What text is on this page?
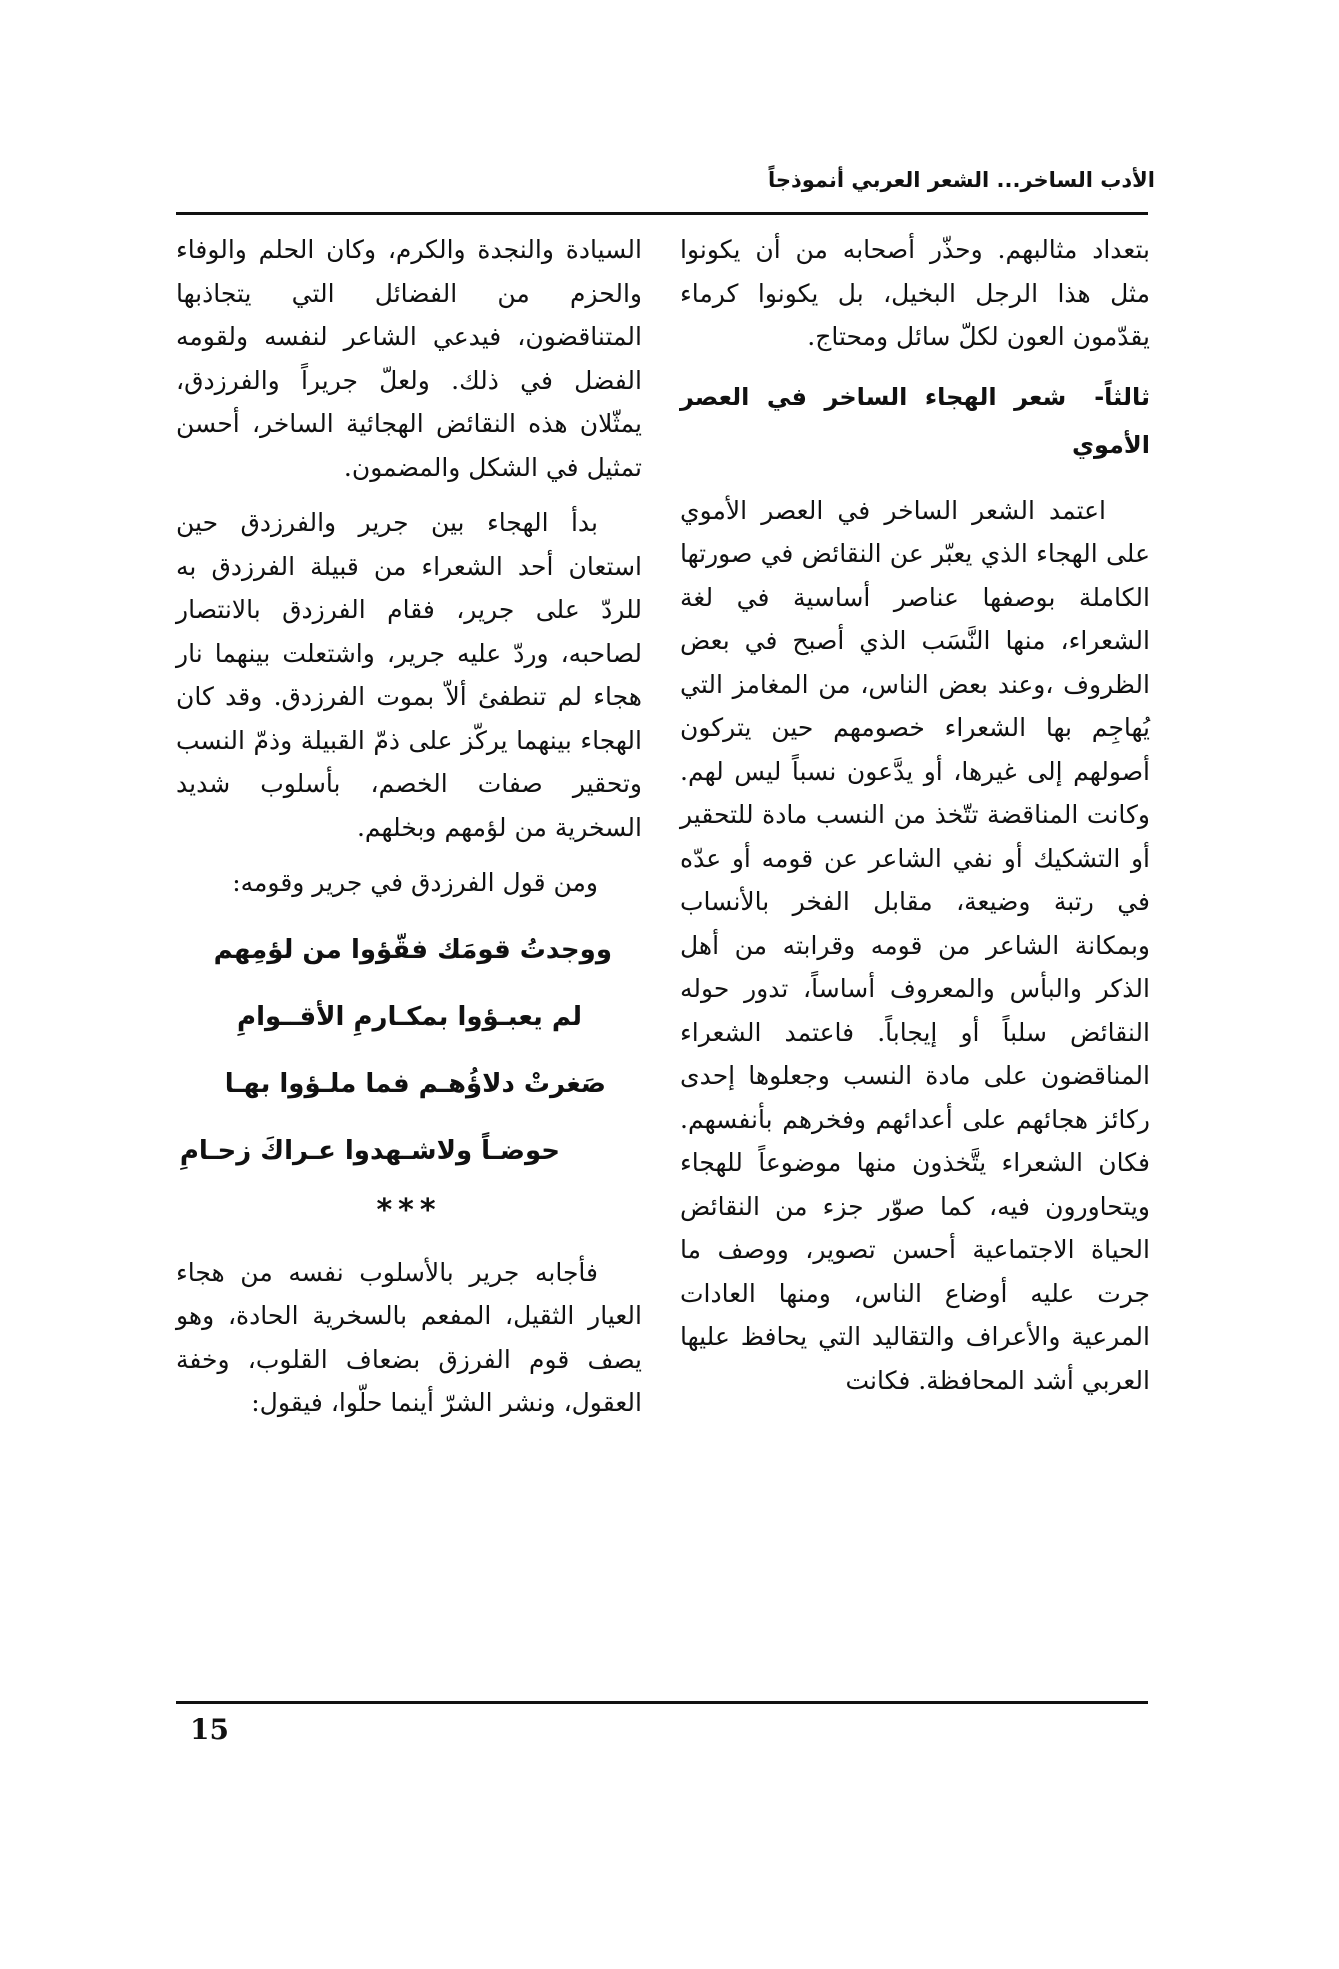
الأدب الساخر... الشعر العربي أنموذجاً

بتعداد مثالبهم. وحذّر أصحابه من أن يكونوا مثل هذا الرجل البخيل، بل يكونوا كرماء يقدّمون العون لكلّ سائل ومحتاج.

ثالثاً-شعر الهجاء الساخر في العصر الأموي

اعتمد الشعر الساخر في العصر الأموي على الهجاء الذي يعبّر عن النقائض في صورتها الكاملة بوصفها عناصر أساسية في لغة الشعراء، منها النَّسَب الذي أصبح في بعض الظروف ،وعند بعض الناس، من المغامز التي يُهاجِم بها الشعراء خصومهم حين يتركون أصولهم إلى غيرها، أو يدَّعون نسباً ليس لهم. وكانت المناقضة تتّخذ من النسب مادة للتحقير أو التشكيك أو نفي الشاعر عن قومه أو عدّه في رتبة وضيعة، مقابل الفخر بالأنساب وبمكانة الشاعر من قومه وقرابته من أهل الذكر والبأس والمعروف أساساً، تدور حوله النقائض سلباً أو إيجاباً. فاعتمد الشعراء المناقضون على مادة النسب وجعلوها إحدى ركائز هجائهم على أعدائهم وفخرهم بأنفسهم. فكان الشعراء يتَّخذون منها موضوعاً للهجاء ويتحاورون فيه، كما صوّر جزء من النقائض الحياة الاجتماعية أحسن تصوير، ووصف ما جرت عليه أوضاع الناس، ومنها العادات المرعية والأعراف والتقاليد التي يحافظ عليها العربي أشد المحافظة. فكانت

السيادة والنجدة والكرم، وكان الحلم والوفاء والحزم من الفضائل التي يتجاذبها المتناقضون، فيدعي الشاعر لنفسه ولقومه الفضل في ذلك. ولعلّ جريراً والفرزدق، يمثّلان هذه النقائض الهجائية الساخر، أحسن تمثيل في الشكل والمضمون.

بدأ الهجاء بين جرير والفرزدق حين استعان أحد الشعراء من قبيلة الفرزدق به للردّ على جرير، فقام الفرزدق بالانتصار لصاحبه، وردّ عليه جرير، واشتعلت بينهما نار هجاء لم تنطفئ ألاّ بموت الفرزدق. وقد كان الهجاء بينهما يركّز على ذمّ القبيلة وذمّ النسب وتحقير صفات الخصم، بأسلوب شديد السخرية من لؤمهم وبخلهم.

ومن قول الفرزدق في جرير وقومه:

ووجدتُ قومَك فقّؤوا من لؤمِهم
لم يعبـؤوا بمكـارمِ الأقــوامِ
صَغرتْ دلاؤُهـم فما ملـؤوا بهـا
حوضـاً ولاشـهدوا عـراكَ زحـامِ
***

فأجابه جرير بالأسلوب نفسه من هجاء العيار الثقيل، المفعم بالسخرية الحادة، وهو يصف قوم الفرزق بضعاف القلوب، وخفة العقول، ونشر الشرّ أينما حلّوا، فيقول:

15
